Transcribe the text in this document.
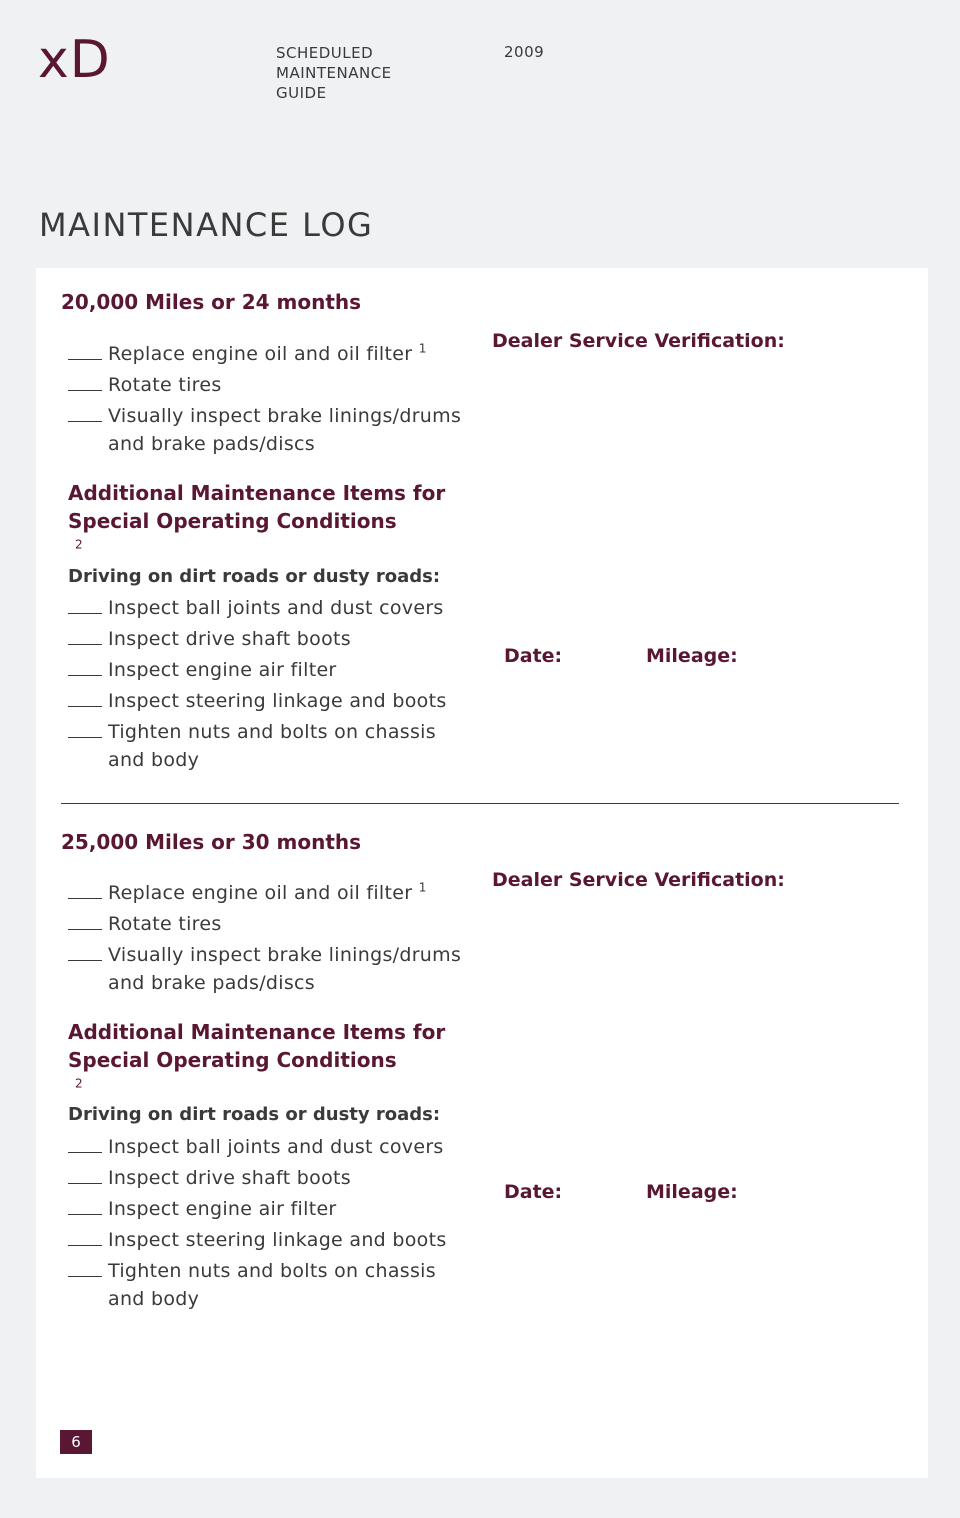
xD	SCHEDULED
MAINTENANCE
GUIDE
2009
MAINTENANCE LOG
20,000 Miles or 24 months
Replace engine oil and oil filter $^1$
Rotate tires
Visually inspect brake linings/drums
and brake pads/discs
Additional Maintenance Items for
Special Operating Conditions
$^2$
Driving on dirt roads or dusty roads:
Inspect ball joints and dust covers
Inspect drive shaft boots
Inspect engine air filter
Inspect steering linkage and boots
Tighten nuts and bolts on chassis
and body
Dealer Service Verification:
Date:	Mileage:
25,000 Miles or 30 months
Replace engine oil and oil filter $^1$
Rotate tires
Visually inspect brake linings/drums
and brake pads/discs
Additional Maintenance Items for
Special Operating Conditions
$^2$
Driving on dirt roads or dusty roads:
Inspect ball joints and dust covers
Inspect drive shaft boots
Inspect engine air filter
Inspect steering linkage and boots
Tighten nuts and bolts on chassis
and body
Dealer Service Verification:
Date:	Mileage:
6
